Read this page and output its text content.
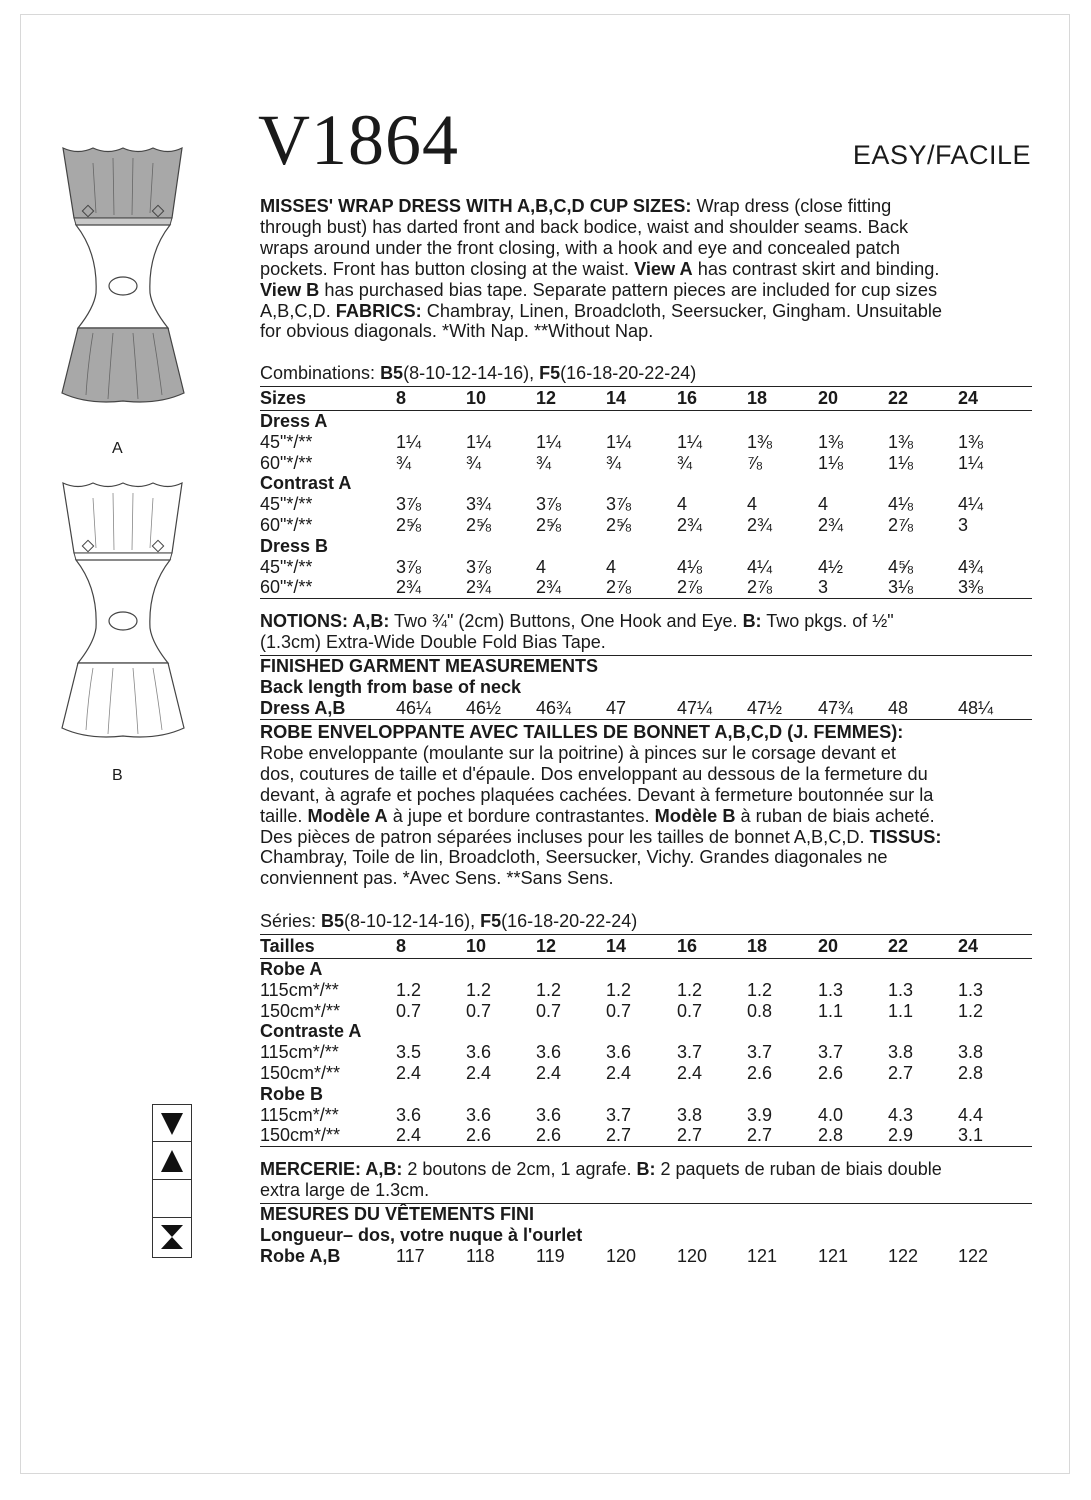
V1864	EASY/FACILE
A
B
MISSES' WRAP DRESS WITH A,B,C,D CUP SIZES: Wrap dress (close fitting
through bust) has darted front and back bodice, waist and shoulder seams. Back
wraps around under the front closing, with a hook and eye and concealed patch
pockets. Front has button closing at the waist. View A has contrast skirt and binding.
View B has purchased bias tape. Separate pattern pieces are included for cup sizes
A,B,C,D. FABRICS: Chambray, Linen, Broadcloth, Seersucker, Gingham. Unsuitable
for obvious diagonals. *With Nap. **Without Nap.
Combinations: B5(8-10-12-14-16), F5(16-18-20-22-24)
Sizes	8	10	12	14	16	18	20	22	24
Dress A
45"*/**	1¼ 1¼ 1¼ 1¼	1¼ 1⅜	1⅜ 1⅜ 1⅜
60"*/**	¾	¾	¾	¾	¾	⅞	1⅛ 1⅛ 1¼
Contrast A
45"*/**	3⅞ 3¾ 3⅞ 3⅞	4	4	4	4⅛ 4¼
60"*/**	2⅝ 2⅝ 2⅝ 2⅝	2¾ 2¾	2¾ 2⅞ 3
Dress B
45"*/**	3⅞ 3⅞ 4	4	4⅛ 4¼	4½ 4⅝ 4¾
60"*/**	2¾ 2¾ 2¾ 2⅞	2⅞ 2⅞	3	3⅛ 3⅜
NOTIONS: A,B: Two ¾" (2cm) Buttons, One Hook and Eye. B: Two pkgs. of ½"
(1.3cm) Extra-Wide Double Fold Bias Tape.
FINISHED GARMENT MEASUREMENTS
Back length from base of neck
Dress A,B	46¼ 46½ 46¾ 47	47¼ 47½ 47¾ 48	48¼
ROBE ENVELOPPANTE AVEC TAILLES DE BONNET A,B,C,D (J. FEMMES):
Robe enveloppante (moulante sur la poitrine) à pinces sur le corsage devant et
dos, coutures de taille et d'épaule. Dos enveloppant au dessous de la fermeture du
devant, à agrafe et poches plaquées cachées. Devant à fermeture boutonnée sur la
taille. Modèle A à jupe et bordure contrastantes. Modèle B à ruban de biais acheté.
Des pièces de patron séparées incluses pour les tailles de bonnet A,B,C,D. TISSUS:
Chambray, Toile de lin, Broadcloth, Seersucker, Vichy. Grandes diagonales ne
conviennent pas. *Avec Sens. **Sans Sens.
Séries: B5(8-10-12-14-16), F5(16-18-20-22-24)
Tailles	8	10	12	14	16	18	20	22	24
Robe A
115cm*/**	1.2 1.2 1.2 1.2	1.2 1.2	1.3 1.3 1.3
150cm*/**	0.7 0.7 0.7 0.7	0.7 0.8	1.1 1.1 1.2
Contraste A
115cm*/**	3.5 3.6 3.6 3.6	3.7 3.7	3.7 3.8 3.8
150cm*/**	2.4 2.4 2.4 2.4	2.4 2.6	2.6 2.7 2.8
Robe B
115cm*/**	3.6 3.6 3.6 3.7	3.8 3.9	4.0 4.3 4.4
150cm*/**	2.4 2.6 2.6 2.7	2.7 2.7	2.8 2.9 3.1
MERCERIE: A,B: 2 boutons de 2cm, 1 agrafe. B: 2 paquets de ruban de biais double
extra large de 1.3cm.
MESURES DU VÊTEMENTS FINI
Longueur– dos, votre nuque à l'ourlet
Robe A,B	117 118 119 120 120 121 121 122 122
